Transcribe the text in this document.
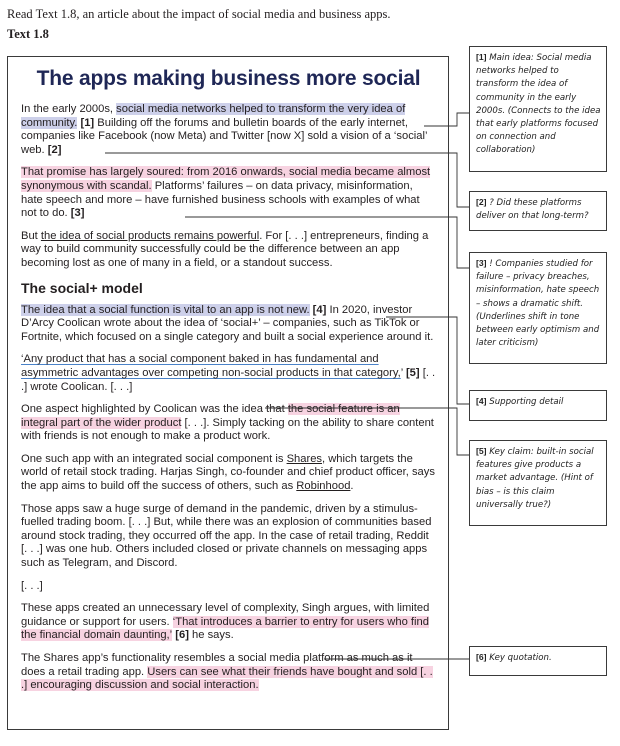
Read Text 1.8, an article about the impact of social media and business apps.
Text 1.8
The apps making business more social

In the early 2000s, social media networks helped to transform the very idea of community. [1] Building off the forums and bulletin boards of the early internet, companies like Facebook (now Meta) and Twitter [now X] sold a vision of a ‘social’ web. [2]

That promise has largely soured: from 2016 onwards, social media became almost synonymous with scandal. Platforms’ failures – on data privacy, misinformation, hate speech and more – have furnished business schools with examples of what not to do. [3]

But the idea of social products remains powerful. For [. . .] entrepreneurs, finding a way to build community successfully could be the difference between an app becoming lost as one of many in a field, or a standout success.

The social+ model

The idea that a social function is vital to an app is not new. [4] In 2020, investor D’Arcy Coolican wrote about the idea of ‘social+’ – companies, such as TikTok or Fortnite, which focused on a single category and built a social experience around it.

‘Any product that has a social component baked in has fundamental and asymmetric advantages over competing non-social products in that category,’ [5] [. . .] wrote Coolican. [. . .]

One aspect highlighted by Coolican was the idea that the social feature is an integral part of the wider product [. . .]. Simply tacking on the ability to share content with friends is not enough to make a product work.

One such app with an integrated social component is Shares, which targets the world of retail stock trading. Harjas Singh, co-founder and chief product officer, says the app aims to build off the success of others, such as Robinhood.

Those apps saw a huge surge of demand in the pandemic, driven by a stimulus-fuelled trading boom. [. . .] But, while there was an explosion of communities based around stock trading, they occurred off the app. In the case of retail trading, Reddit [. . .] was one hub. Others included closed or private channels on messaging apps such as Telegram, and Discord.

[. . .]

These apps created an unnecessary level of complexity, Singh argues, with limited guidance or support for users. ‘That introduces a barrier to entry for users who find the financial domain daunting,’ [6] he says.

The Shares app’s functionality resembles a social media platform as much as it does a retail trading app. Users can see what their friends have bought and sold [. . .] encouraging discussion and social interaction.

[1] Main idea: Social media networks helped to transform the idea of community in the early 2000s. (Connects to the idea that early platforms focused on connection and collaboration)
[2] ? Did these platforms deliver on that long-term?
[3] ! Companies studied for failure – privacy breaches, misinformation, hate speech – shows a dramatic shift. (Underlines shift in tone between early optimism and later criticism)
[4] Supporting detail
[5] Key claim: built-in social features give products a market advantage. (Hint of bias – is this claim universally true?)
[6] Key quotation.
